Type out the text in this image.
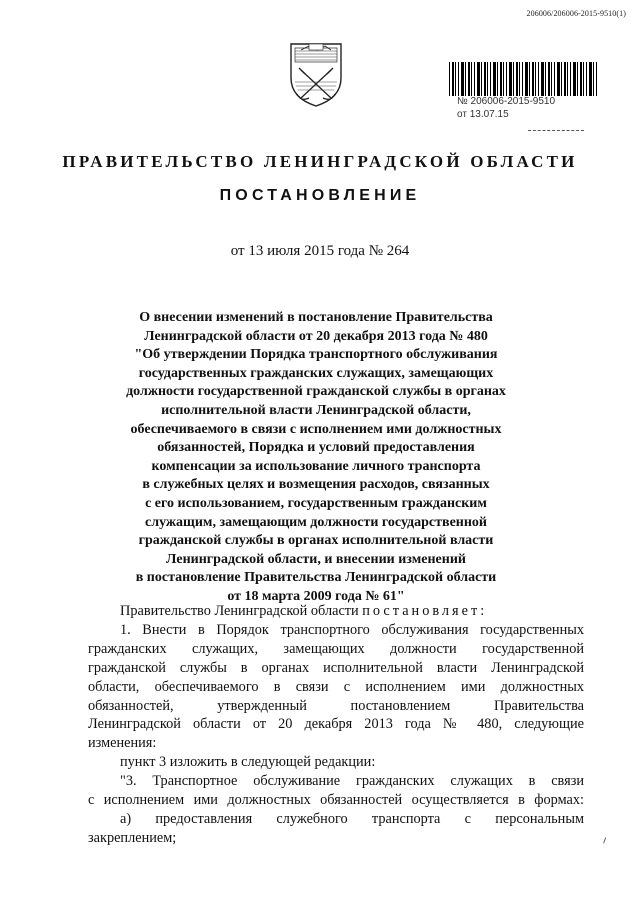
206006/206006-2015-9510(1)
№ 206006-2015-9510
от 13.07.15
ПРАВИТЕЛЬСТВО ЛЕНИНГРАДСКОЙ ОБЛАСТИ
ПОСТАНОВЛЕНИЕ
от 13 июля 2015 года № 264
О внесении изменений в постановление Правительства
Ленинградской области от 20 декабря 2013 года № 480
"Об утверждении Порядка транспортного обслуживания
государственных гражданских служащих, замещающих
должности государственной гражданской службы в органах
исполнительной власти Ленинградской области,
обеспечиваемого в связи с исполнением ими должностных
обязанностей, Порядка и условий предоставления
компенсации за использование личного транспорта
в служебных целях и возмещения расходов, связанных
с его использованием, государственным гражданским
служащим, замещающим должности государственной
гражданской службы в органах исполнительной власти
Ленинградской области, и внесении изменений
в постановление Правительства Ленинградской области
от 18 марта 2009 года № 61"
Правительство Ленинградской области постановляет:
1. Внести в Порядок транспортного обслуживания государственных
гражданских служащих, замещающих должности государственной
гражданской службы в органах исполнительной власти Ленинградской
области, обеспечиваемого в связи с исполнением ими должностных
обязанностей, утвержденный постановлением Правительства
Ленинградской области от 20 декабря 2013 года № 480, следующие
изменения:
пункт 3 изложить в следующей редакции:
"3. Транспортное обслуживание гражданских служащих в связи
с исполнением ими должностных обязанностей осуществляется в формах:
а) предоставления служебного транспорта с персональным
закреплением;
